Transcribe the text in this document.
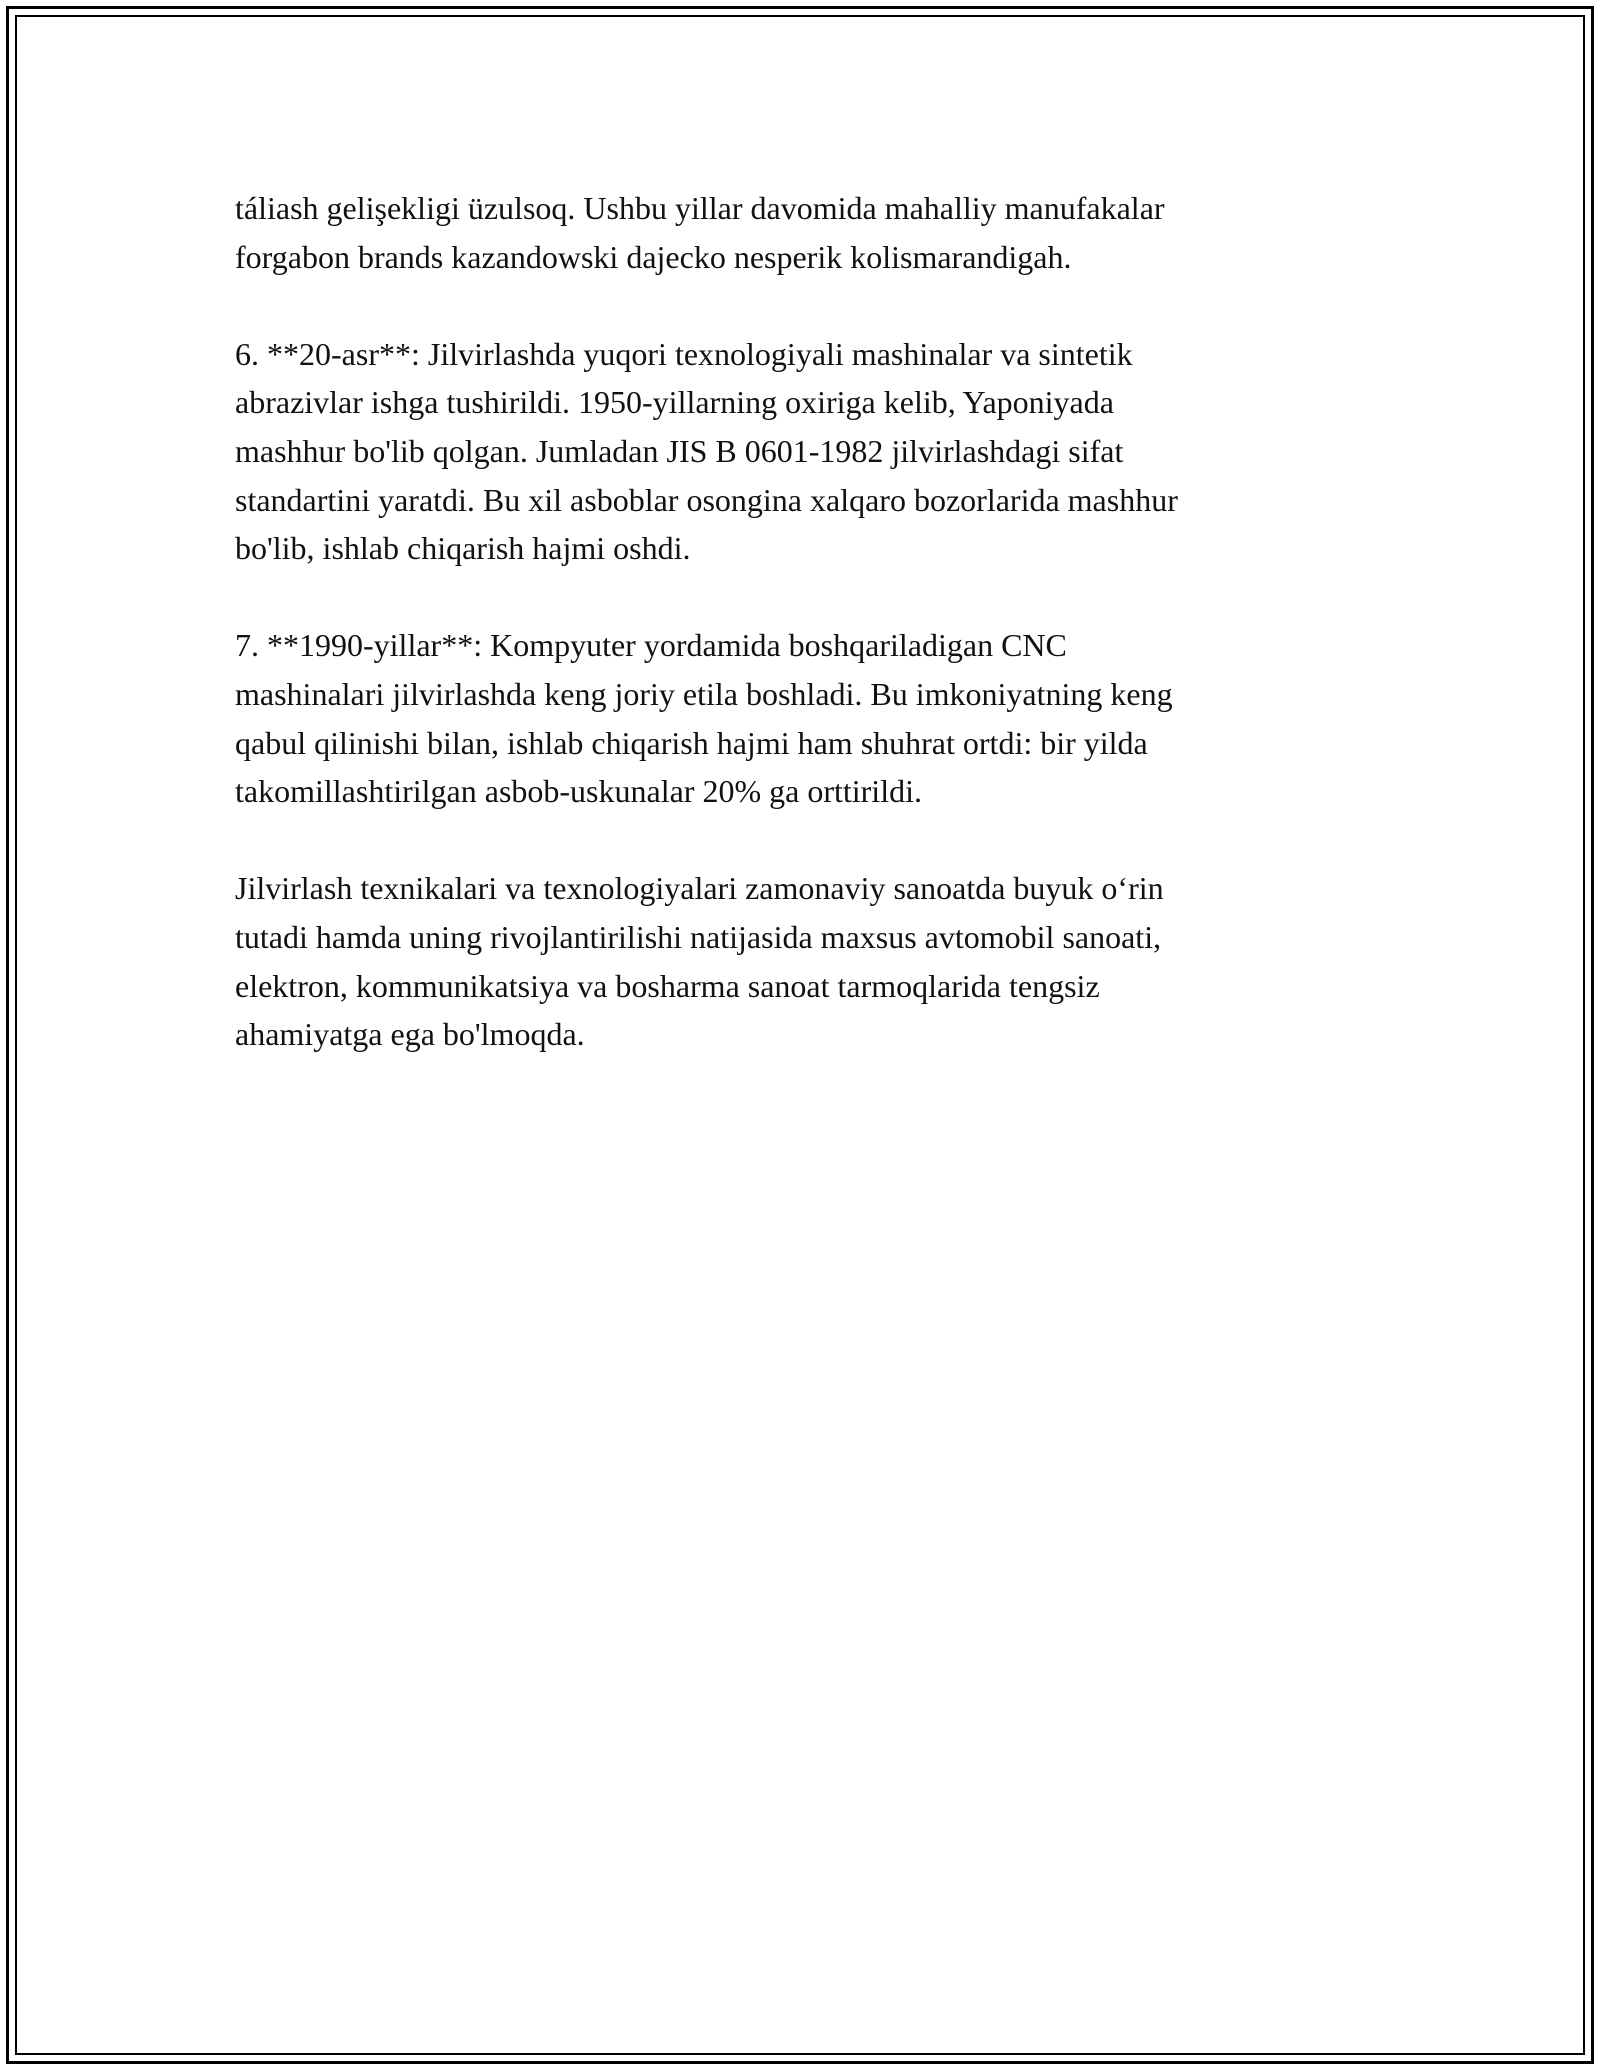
táliash gelişekligi üzulsoq. Ushbu yillar davomida mahalliy manufakalar
forgabon brands kazandowski dajecko nesperik kolismarandigah.

6. **20-asr**: Jilvirlashda yuqori texnologiyali mashinalar va sintetik
abrazivlar ishga tushirildi. 1950-yillarning oxiriga kelib, Yaponiyada
mashhur bo'lib qolgan. Jumladan JIS B 0601-1982 jilvirlashdagi sifat
standartini yaratdi. Bu xil asboblar osongina xalqaro bozorlarida mashhur
bo'lib, ishlab chiqarish hajmi oshdi.

7. **1990-yillar**: Kompyuter yordamida boshqariladigan CNC
mashinalari jilvirlashda keng joriy etila boshladi. Bu imkoniyatning keng
qabul qilinishi bilan, ishlab chiqarish hajmi ham shuhrat ortdi: bir yilda
takomillashtirilgan asbob-uskunalar 20% ga orttirildi.

Jilvirlash texnikalari va texnologiyalari zamonaviy sanoatda buyuk o‘rin
tutadi hamda uning rivojlantirilishi natijasida maxsus avtomobil sanoati,
elektron, kommunikatsiya va bosharma sanoat tarmoqlarida tengsiz
ahamiyatga ega bo'lmoqda.
